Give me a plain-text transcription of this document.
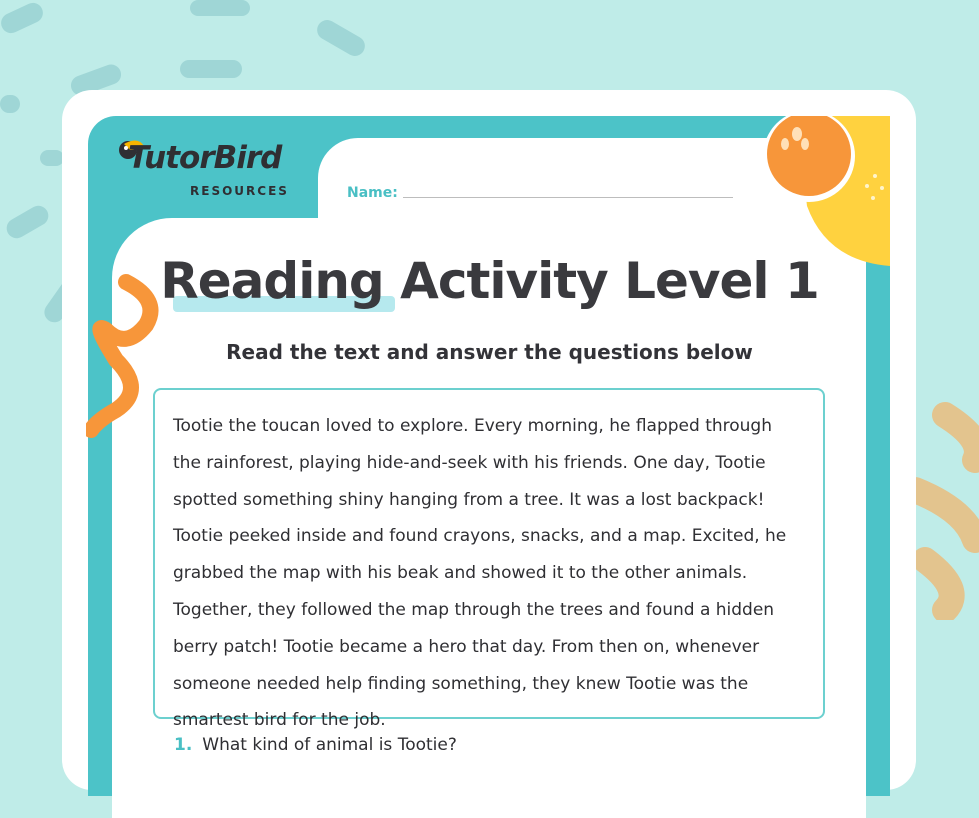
TutorBird
RESOURCES	Name:
Reading Activity Level 1
Read the text and answer the questions below

Tootie the toucan loved to explore. Every morning, he flapped through the rainforest, playing hide-and-seek with his friends. One day, Tootie spotted something shiny hanging from a tree. It was a lost backpack! Tootie peeked inside and found crayons, snacks, and a map. Excited, he grabbed the map with his beak and showed it to the other animals. Together, they followed the map through the trees and found a hidden berry patch! Tootie became a hero that day. From then on, whenever someone needed help finding something, they knew Tootie was the smartest bird for the job.

1. What kind of animal is Tootie?
